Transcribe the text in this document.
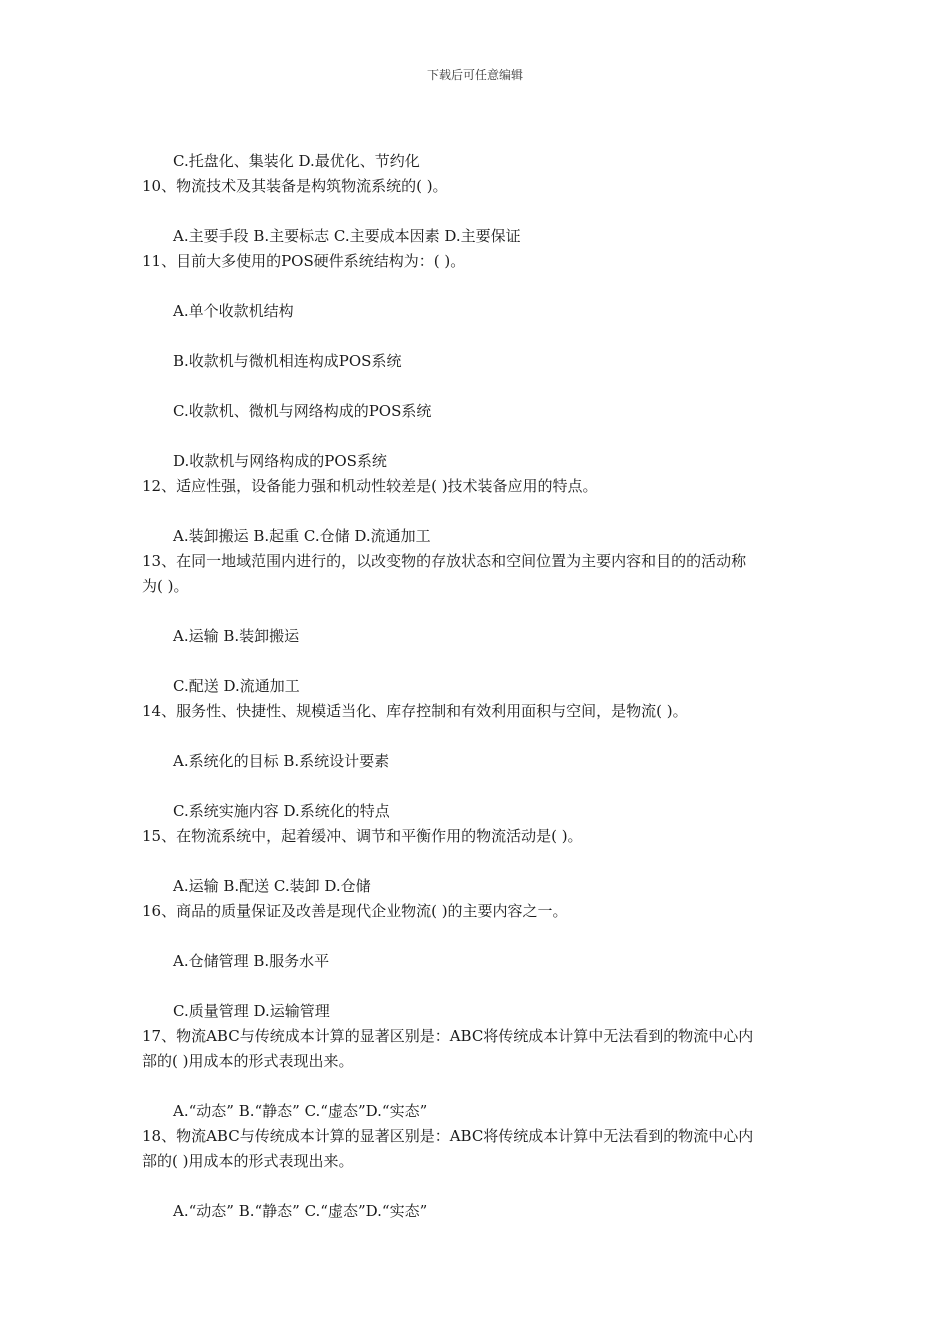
下载后可任意编辑
C.托盘化、集装化 D.最优化、节约化
10、物流技术及其装备是构筑物流系统的( )。
A.主要手段 B.主要标志 C.主要成本因素 D.主要保证
11、目前大多使用的POS硬件系统结构为：( )。
A.单个收款机结构
B.收款机与微机相连构成POS系统
C.收款机、微机与网络构成的POS系统
D.收款机与网络构成的POS系统
12、适应性强，设备能力强和机动性较差是( )技术装备应用的特点。
A.装卸搬运 B.起重 C.仓储 D.流通加工
13、在同一地域范围内进行的，以改变物的存放状态和空间位置为主要内容和目的的活动称
为( )。
A.运输 B.装卸搬运
C.配送 D.流通加工
14、服务性、快捷性、规模适当化、库存控制和有效利用面积与空间，是物流( )。
A.系统化的目标 B.系统设计要素
C.系统实施内容 D.系统化的特点
15、在物流系统中，起着缓冲、调节和平衡作用的物流活动是( )。
A.运输 B.配送 C.装卸 D.仓储
16、商品的质量保证及改善是现代企业物流( )的主要内容之一。
A.仓储管理 B.服务水平
C.质量管理 D.运输管理
17、物流ABC与传统成本计算的显著区别是：ABC将传统成本计算中无法看到的物流中心内
部的( )用成本的形式表现出来。
A.“动态” B.“静态” C.“虚态”D.“实态”
18、物流ABC与传统成本计算的显著区别是：ABC将传统成本计算中无法看到的物流中心内
部的( )用成本的形式表现出来。
A.“动态” B.“静态” C.“虚态”D.“实态”
